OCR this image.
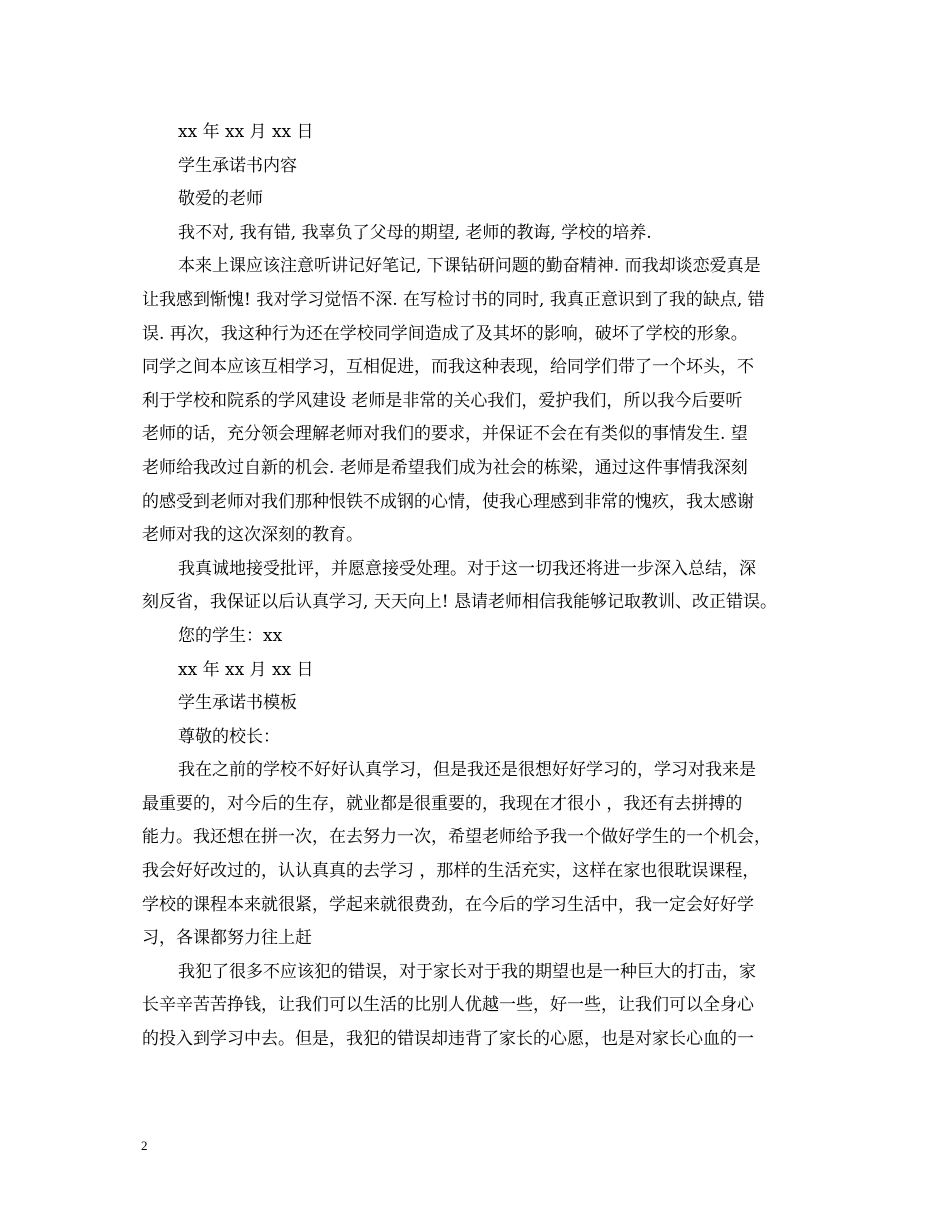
xx 年 xx 月 xx 日
学生承诺书内容
敬爱的老师
我不对, 我有错, 我辜负了父母的期望, 老师的教诲, 学校的培养.
本来上课应该注意听讲记好笔记, 下课钻研问题的勤奋精神. 而我却谈恋爱真是
让我感到惭愧! 我对学习觉悟不深. 在写检讨书的同时, 我真正意识到了我的缺点, 错
误. 再次，我这种行为还在学校同学间造成了及其坏的影响，破坏了学校的形象。
同学之间本应该互相学习，互相促进，而我这种表现，给同学们带了一个坏头，不
利于学校和院系的学风建设 老师是非常的关心我们，爱护我们，所以我今后要听
老师的话，充分领会理解老师对我们的要求，并保证不会在有类似的事情发生. 望
老师给我改过自新的机会. 老师是希望我们成为社会的栋梁，通过这件事情我深刻
的感受到老师对我们那种恨铁不成钢的心情，使我心理感到非常的愧疚，我太感谢
老师对我的这次深刻的教育。
我真诚地接受批评，并愿意接受处理。对于这一切我还将进一步深入总结，深
刻反省，我保证以后认真学习, 天天向上! 恳请老师相信我能够记取教训、改正错误。
您的学生：xx
xx 年 xx 月 xx 日
学生承诺书模板
尊敬的校长：
我在之前的学校不好好认真学习，但是我还是很想好好学习的，学习对我来是
最重要的，对今后的生存，就业都是很重要的，我现在才很小 ，我还有去拼搏的
能力。我还想在拼一次，在去努力一次，希望老师给予我一个做好学生的一个机会，
我会好好改过的，认认真真的去学习 ，那样的生活充实，这样在家也很耽误课程，
学校的课程本来就很紧，学起来就很费劲，在今后的学习生活中，我一定会好好学
习，各课都努力往上赶
我犯了很多不应该犯的错误，对于家长对于我的期望也是一种巨大的打击，家
长辛辛苦苦挣钱，让我们可以生活的比别人优越一些，好一些，让我们可以全身心
的投入到学习中去。但是，我犯的错误却违背了家长的心愿，也是对家长心血的一
2
